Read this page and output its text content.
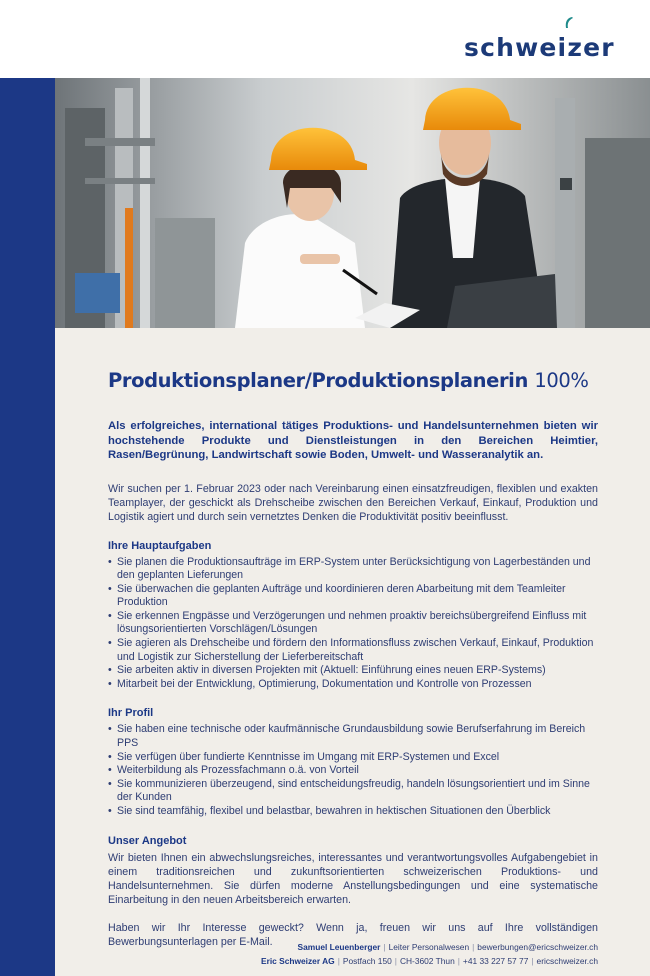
schweizer
Produktionsplaner/Produktionsplanerin 100%

Als erfolgreiches, international tätiges Produktions- und Handelsunternehmen bieten wir hochstehende Produkte und Dienstleistungen in den Bereichen Heimtier, Rasen/Begrünung, Landwirtschaft sowie Boden, Umwelt- und Wasseranalytik an.

Wir suchen per 1. Februar 2023 oder nach Vereinbarung einen einsatzfreudigen, flexiblen und exakten Teamplayer, der geschickt als Drehscheibe zwischen den Bereichen Verkauf, Einkauf, Produktion und Logistik agiert und durch sein vernetztes Denken die Produktivität positiv beeinflusst.

Ihre Hauptaufgaben
• Sie planen die Produktionsaufträge im ERP-System unter Berücksichtigung von Lagerbeständen und den geplanten Lieferungen
• Sie überwachen die geplanten Aufträge und koordinieren deren Abarbeitung mit dem Teamleiter Produktion
• Sie erkennen Engpässe und Verzögerungen und nehmen proaktiv bereichsübergreifend Einfluss mit lösungsorientierten Vorschlägen/Lösungen
• Sie agieren als Drehscheibe und fördern den Informationsfluss zwischen Verkauf, Einkauf, Produktion und Logistik zur Sicherstellung der Lieferbereitschaft
• Sie arbeiten aktiv in diversen Projekten mit (Aktuell: Einführung eines neuen ERP-Systems)
• Mitarbeit bei der Entwicklung, Optimierung, Dokumentation und Kontrolle von Prozessen
Ihr Profil
• Sie haben eine technische oder kaufmännische Grundausbildung sowie Berufserfahrung im Bereich PPS
• Sie verfügen über fundierte Kenntnisse im Umgang mit ERP-Systemen und Excel
• Weiterbildung als Prozessfachmann o.ä. von Vorteil
• Sie kommunizieren überzeugend, sind entscheidungsfreudig, handeln lösungsorientiert und im Sinne der Kunden
• Sie sind teamfähig, flexibel und belastbar, bewahren in hektischen Situationen den Überblick
Unser Angebot

Wir bieten Ihnen ein abwechslungsreiches, interessantes und verantwortungsvolles Aufgabengebiet in einem traditionsreichen und zukunftsorientierten schweizerischen Produktions- und Handelsunternehmen. Sie dürfen moderne Anstellungsbedingungen und eine systematische Einarbeitung in den neuen Arbeitsbereich erwarten.

Haben wir Ihr Interesse geweckt? Wenn ja, freuen wir uns auf Ihre vollständigen Bewerbungsunterlagen per E-Mail.	Samuel Leuenberger | Leiter Personalwesen | bewerbungen@ericschweizer.ch
Eric Schweizer AG | Postfach 150 | CH-3602 Thun | +41 33 227 57 77 | ericschweizer.ch
